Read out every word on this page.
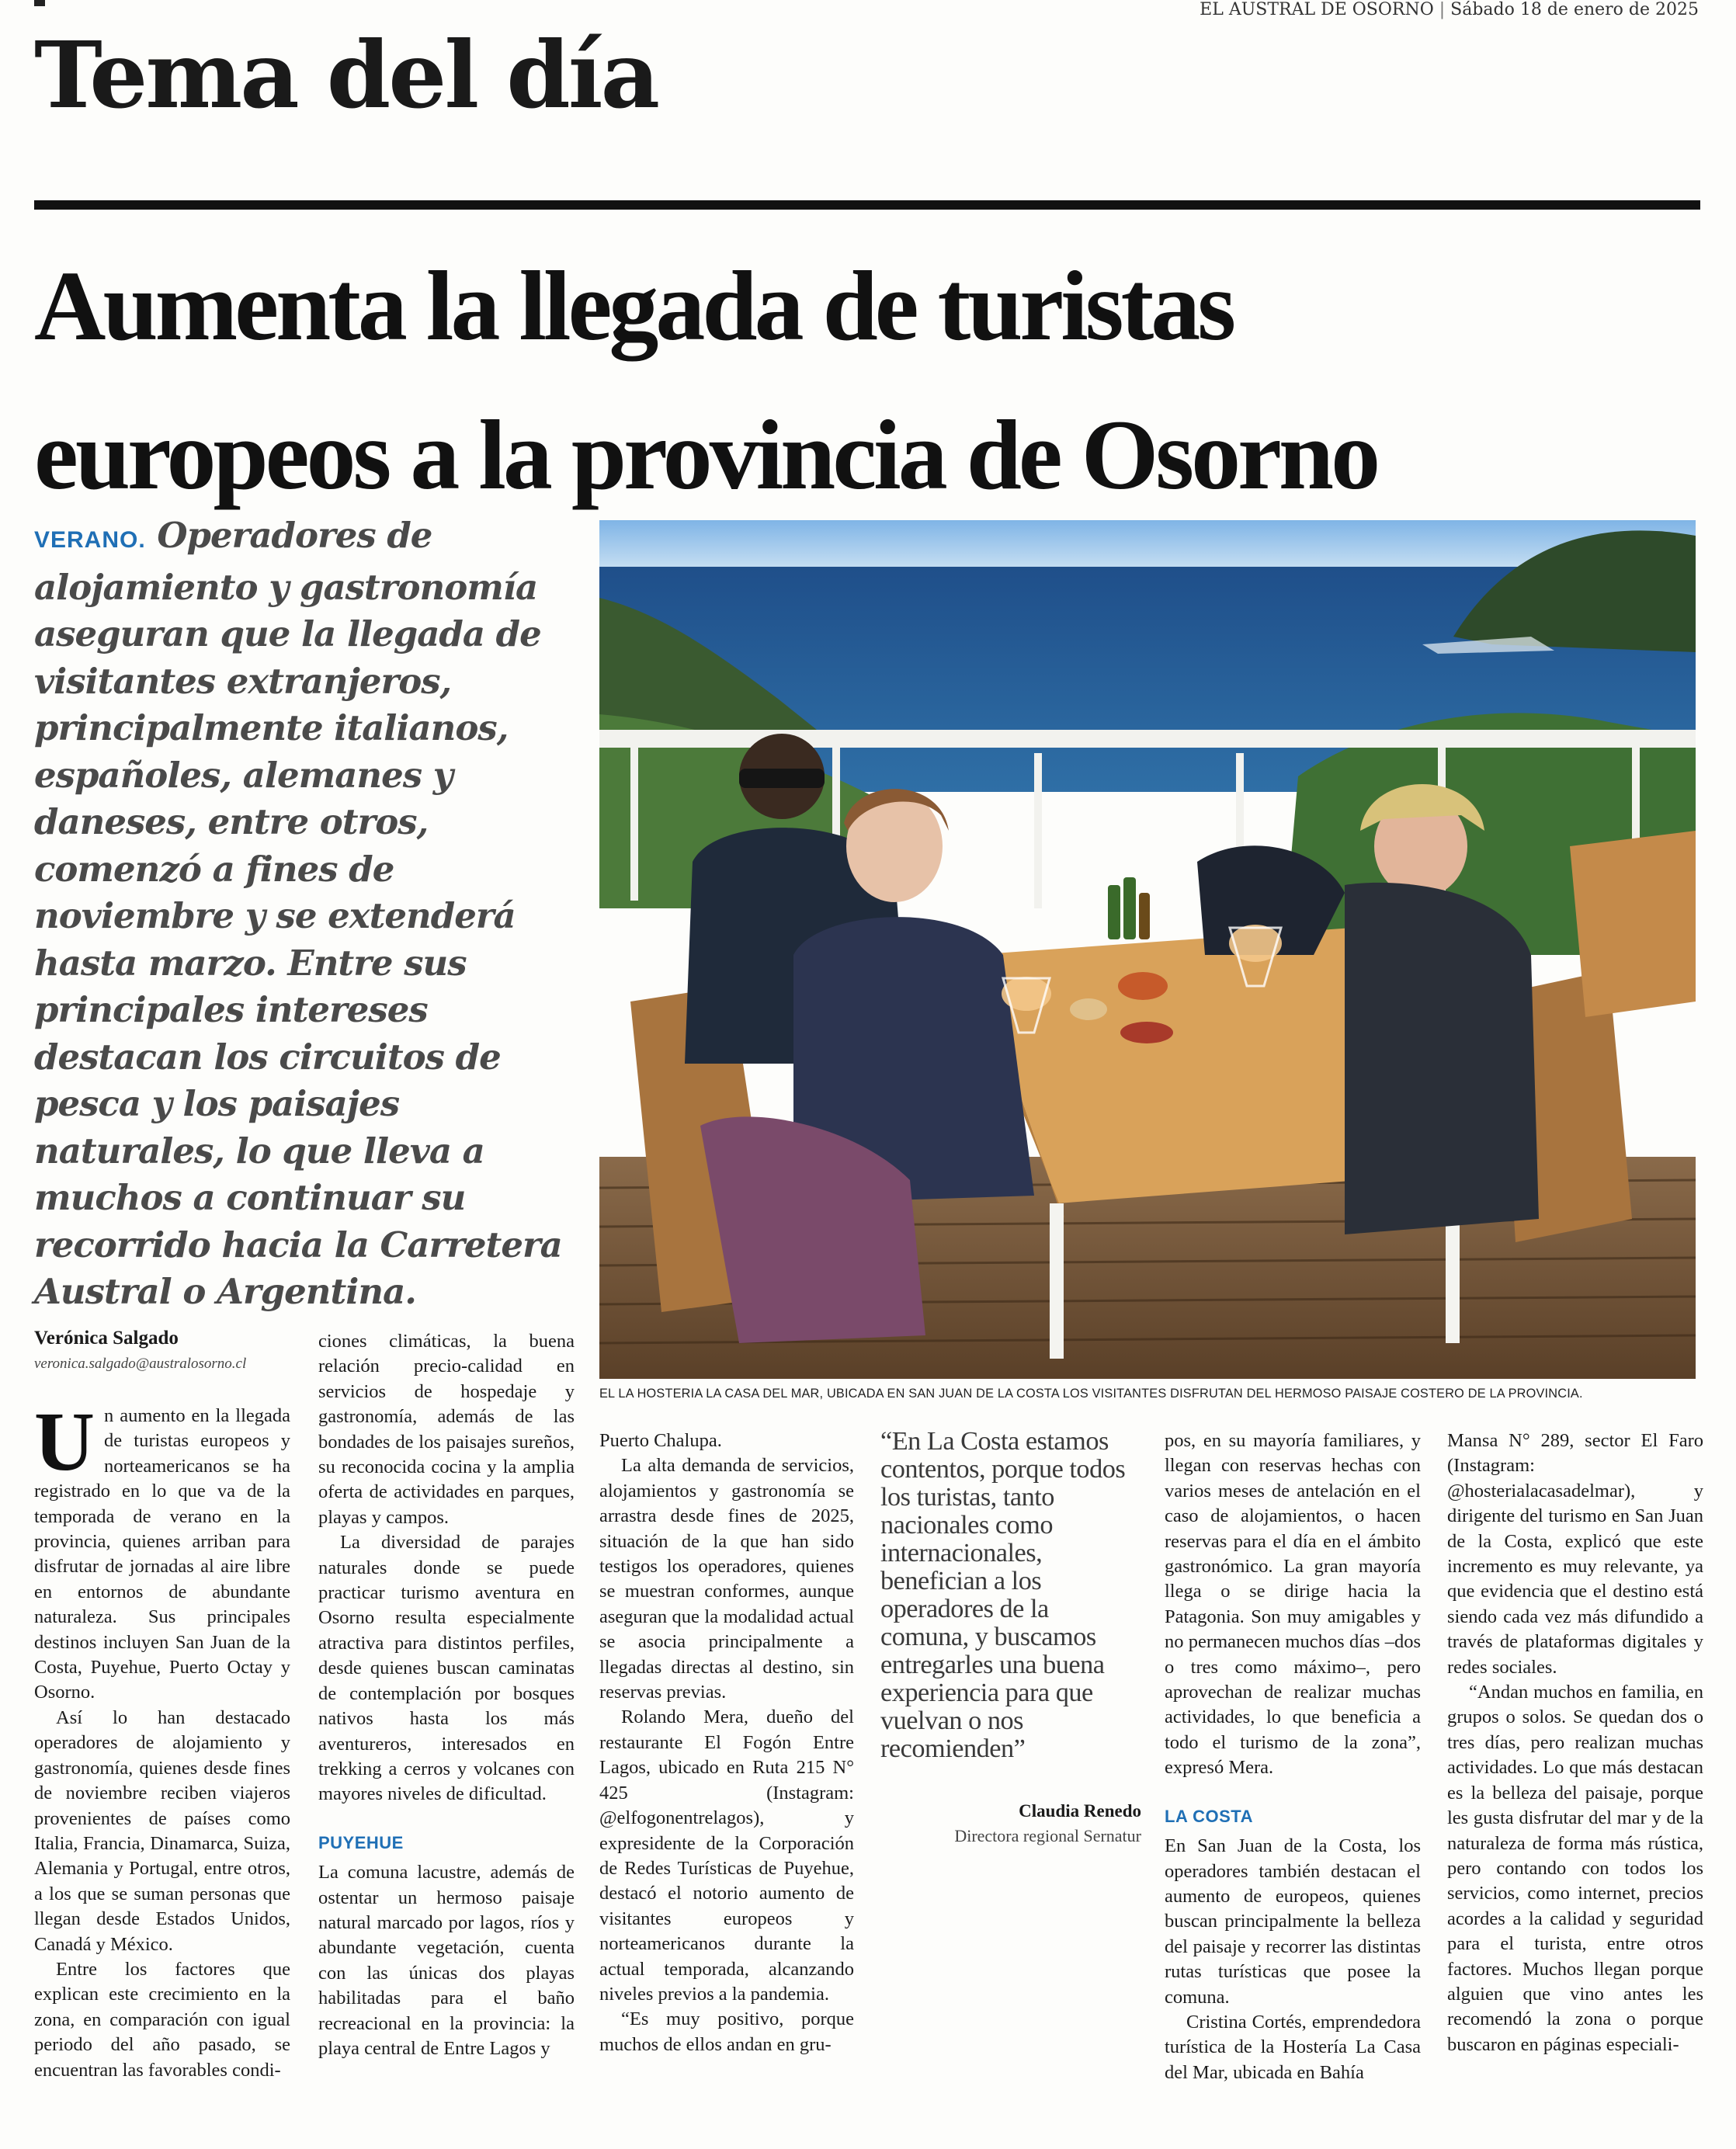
EL AUSTRAL DE OSORNO | Sábado 18 de enero de 2025
Tema del día
Aumenta la llegada de turistas
europeos a la provincia de Osorno
VERANO. Operadores de alojamiento y gastronomía aseguran que la llegada de visitantes extranjeros, principalmente italianos, españoles, alemanes y daneses, entre otros, comenzó a fines de noviembre y se extenderá hasta marzo. Entre sus principales intereses destacan los circuitos de pesca y los paisajes naturales, lo que lleva a muchos a continuar su recorrido hacia la Carretera Austral o Argentina.
EL LA HOSTERIA LA CASA DEL MAR, UBICADA EN SAN JUAN DE LA COSTA LOS VISITANTES DISFRUTAN DEL HERMOSO PAISAJE COSTERO DE LA PROVINCIA.
Verónica Salgado
veronica.salgado@australosorno.cl

Un aumento en la llegada de turistas europeos y norteamericanos se ha registrado en lo que va de la temporada de verano en la provincia, quienes arriban para disfrutar de jornadas al aire libre en entornos de abundante naturaleza. Sus principales destinos incluyen San Juan de la Costa, Puyehue, Puerto Octay y Osorno.

Así lo han destacado operadores de alojamiento y gastronomía, quienes desde fines de noviembre reciben viajeros provenientes de países como Italia, Francia, Dinamarca, Suiza, Alemania y Portugal, entre otros, a los que se suman personas que llegan desde Estados Unidos, Canadá y México.

Entre los factores que explican este crecimiento en la zona, en comparación con igual periodo del año pasado, se encuentran las favorables condi-

ciones climáticas, la buena relación precio-calidad en servicios de hospedaje y gastronomía, además de las bondades de los paisajes sureños, su reconocida cocina y la amplia oferta de actividades en parques, playas y campos.

La diversidad de parajes naturales donde se puede practicar turismo aventura en Osorno resulta especialmente atractiva para distintos perfiles, desde quienes buscan caminatas de contemplación por bosques nativos hasta los más aventureros, interesados en trekking a cerros y volcanes con mayores niveles de dificultad.

PUYEHUE

La comuna lacustre, además de ostentar un hermoso paisaje natural marcado por lagos, ríos y abundante vegetación, cuenta con las únicas dos playas habilitadas para el baño recreacional en la provincia: la playa central de Entre Lagos y

Puerto Chalupa.

La alta demanda de servicios, alojamientos y gastronomía se arrastra desde fines de 2025, situación de la que han sido testigos los operadores, quienes se muestran conformes, aunque aseguran que la modalidad actual se asocia principalmente a llegadas directas al destino, sin reservas previas.

Rolando Mera, dueño del restaurante El Fogón Entre Lagos, ubicado en Ruta 215 N° 425 (Instagram: @elfogonentrelagos), y expresidente de la Corporación de Redes Turísticas de Puyehue, destacó el notorio aumento de visitantes europeos y norteamericanos durante la actual temporada, alcanzando niveles previos a la pandemia.

“Es muy positivo, porque muchos de ellos andan en gru-

“En La Costa estamos contentos, porque todos los turistas, tanto nacionales como internacionales, benefician a los operadores de la comuna, y buscamos entregarles una buena experiencia para que vuelvan o nos recomienden”
Claudia Renedo
Directora regional Sernatur

pos, en su mayoría familiares, y llegan con reservas hechas con varios meses de antelación en el caso de alojamientos, o hacen reservas para el día en el ámbito gastronómico. La gran mayoría llega o se dirige hacia la Patagonia. Son muy amigables y no permanecen muchos días –dos o tres como máximo–, pero aprovechan de realizar muchas actividades, lo que beneficia a todo el turismo de la zona”, expresó Mera.

LA COSTA

En San Juan de la Costa, los operadores también destacan el aumento de europeos, quienes buscan principalmente la belleza del paisaje y recorrer las distintas rutas turísticas que posee la comuna.

Cristina Cortés, emprendedora turística de la Hostería La Casa del Mar, ubicada en Bahía

Mansa N° 289, sector El Faro (Instagram: @hosterialacasadelmar), y dirigente del turismo en San Juan de la Costa, explicó que este incremento es muy relevante, ya que evidencia que el destino está siendo cada vez más difundido a través de plataformas digitales y redes sociales.

“Andan muchos en familia, en grupos o solos. Se quedan dos o tres días, pero realizan muchas actividades. Lo que más destacan es la belleza del paisaje, porque les gusta disfrutar del mar y de la naturaleza de forma más rústica, pero contando con todos los servicios, como internet, precios acordes a la calidad y seguridad para el turista, entre otros factores. Muchos llegan porque alguien que vino antes les recomendó la zona o porque buscaron en páginas especiali-
